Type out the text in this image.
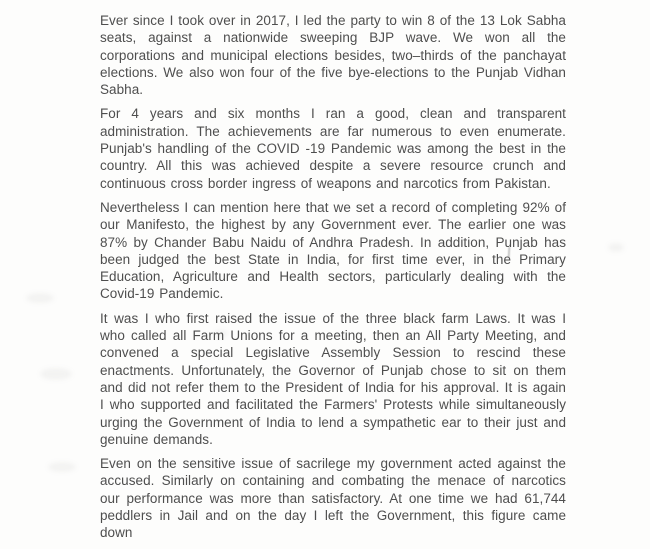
Ever since I took over in 2017, I led the party to win 8 of the 13 Lok Sabha seats, against a nationwide sweeping BJP wave. We won all the corporations and municipal elections besides, two–thirds of the panchayat elections. We also won four of the five bye-elections to the Punjab Vidhan Sabha.

For 4 years and six months I ran a good, clean and transparent administration. The achievements are far numerous to even enumerate. Punjab's handling of the COVID -19 Pandemic was among the best in the country. All this was achieved despite a severe resource crunch and continuous cross border ingress of weapons and narcotics from Pakistan.

Nevertheless I can mention here that we set a record of completing 92% of our Manifesto, the highest by any Government ever. The earlier one was 87% by Chander Babu Naidu of Andhra Pradesh. In addition, Punjab has been judged the best State in India, for first time ever, in the Primary Education, Agriculture and Health sectors, particularly dealing with the Covid-19 Pandemic.

It was I who first raised the issue of the three black farm Laws. It was I who called all Farm Unions for a meeting, then an All Party Meeting, and convened a special Legislative Assembly Session to rescind these enactments. Unfortunately, the Governor of Punjab chose to sit on them and did not refer them to the President of India for his approval. It is again I who supported and facilitated the Farmers' Protests while simultaneously urging the Government of India to lend a sympathetic ear to their just and genuine demands.

Even on the sensitive issue of sacrilege my government acted against the accused. Similarly on containing and combating the menace of narcotics our performance was more than satisfactory. At one time we had 61,744 peddlers in Jail and on the day I left the Government, this figure came down
